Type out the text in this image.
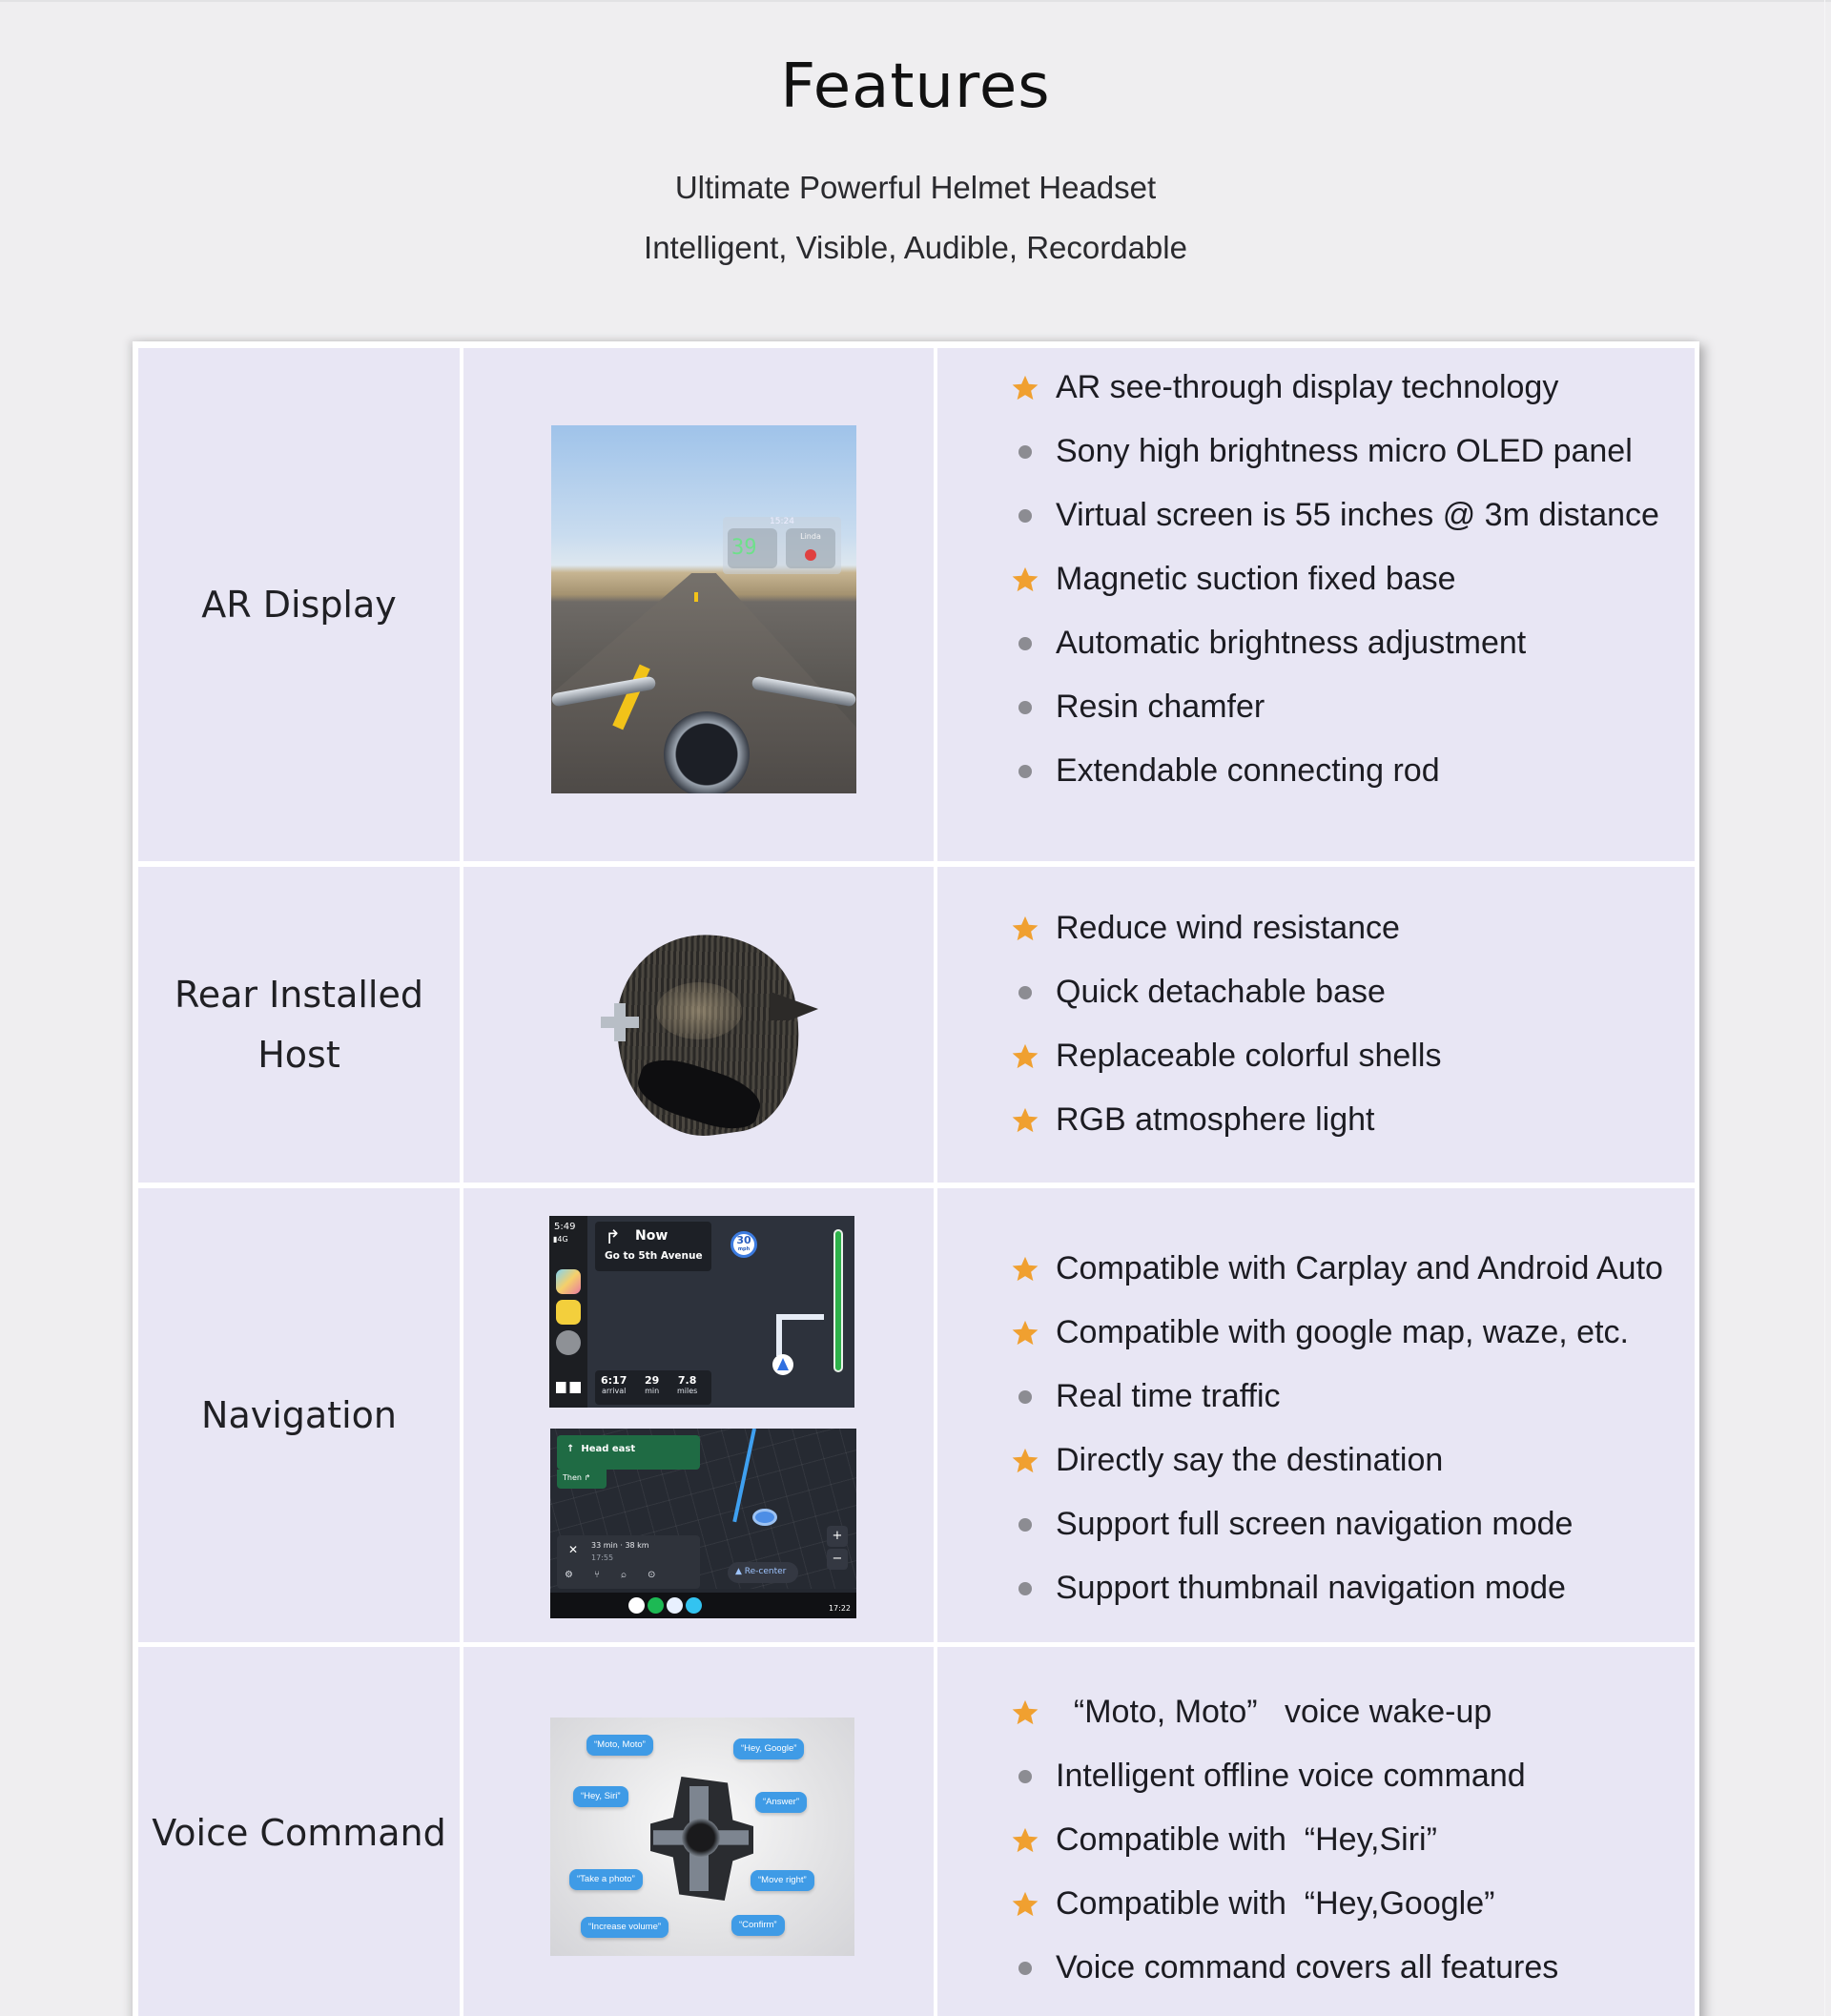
Features
Ultimate Powerful Helmet Headset
Intelligent, Visible, Audible, Recordable
AR Display
15:24
39	Linda
AR see-through display technology
Sony high brightness micro OLED panel
Virtual screen is 55 inches @ 3m distance
Magnetic suction fixed base
Automatic brightness adjustment
Resin chamfer
Extendable connecting rod
Rear Installed
Host
Reduce wind resistance
Quick detachable base
Replaceable colorful shells
RGB atmosphere light
Navigation
5:49
▮4G ↱ Now
Go to 5th Avenue
30
mph
6:17
arrival
29
min
7.8
miles
↑  Head east
Then ↱
✕ 33 min · 38 km
17:55
⚙⑂⌕⊙	▲ Re-center
+
−
17:22
Compatible with Carplay and Android Auto
Compatible with google map, waze, etc.
Real time traffic
Directly say the destination
Support full screen navigation mode
Support thumbnail navigation mode
Voice Command
“Moto, Moto”	“Hey, Google”
“Hey, Siri”
“Answer”
“Take a photo”	“Move right”
“Increase volume”	“Confirm”
“Moto, Moto”   voice wake-up
Intelligent offline voice command
Compatible with  “Hey,Siri”
Compatible with  “Hey,Google”
Voice command covers all features
